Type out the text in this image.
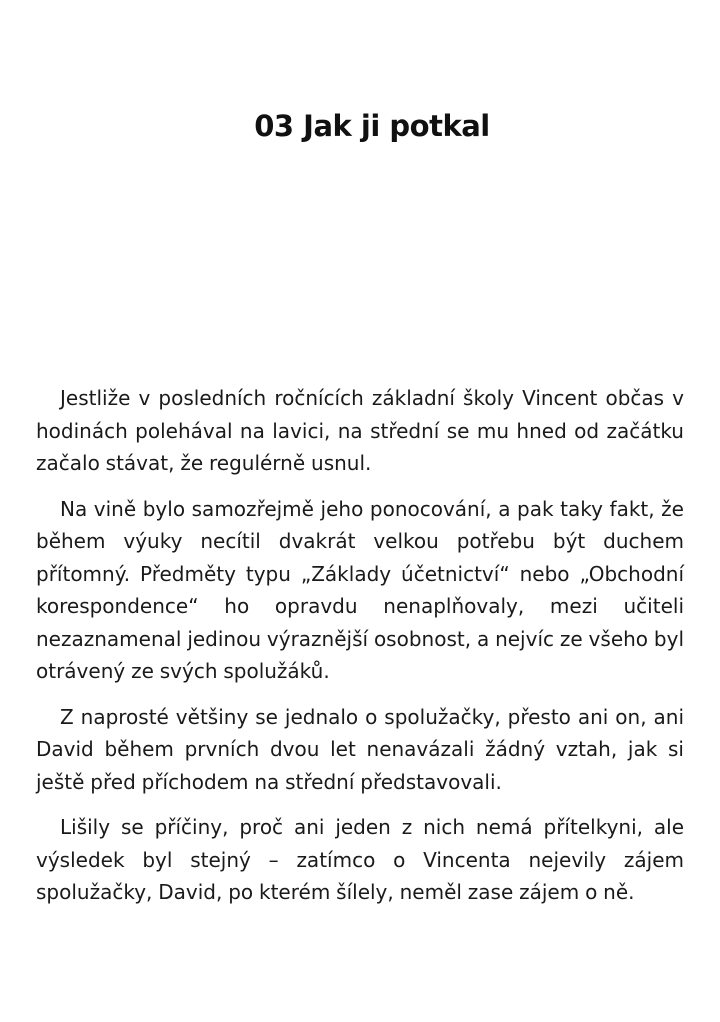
03 Jak ji potkal

Jestliže v posledních ročnících základní školy Vincent občas v hodinách polehával na lavici, na střední se mu hned od začátku začalo stávat, že regulérně usnul.

Na vině bylo samozřejmě jeho ponocování, a pak taky fakt, že během výuky necítil dvakrát velkou potřebu být duchem přítomný. Předměty typu „Základy účetnictví“ nebo „Obchodní korespondence“ ho opravdu nenaplňovaly, mezi učiteli nezaznamenal jedinou výraznější osobnost, a nejvíc ze všeho byl otrávený ze svých spolužáků.

Z naprosté většiny se jednalo o spolužačky, přesto ani on, ani David během prvních dvou let nenavázali žádný vztah, jak si ještě před příchodem na střední představovali.

Lišily se příčiny, proč ani jeden z nich nemá přítelkyni, ale výsledek byl stejný – zatímco o Vincenta nejevily zájem spolužačky, David, po kterém šílely, neměl zase zájem o ně.
